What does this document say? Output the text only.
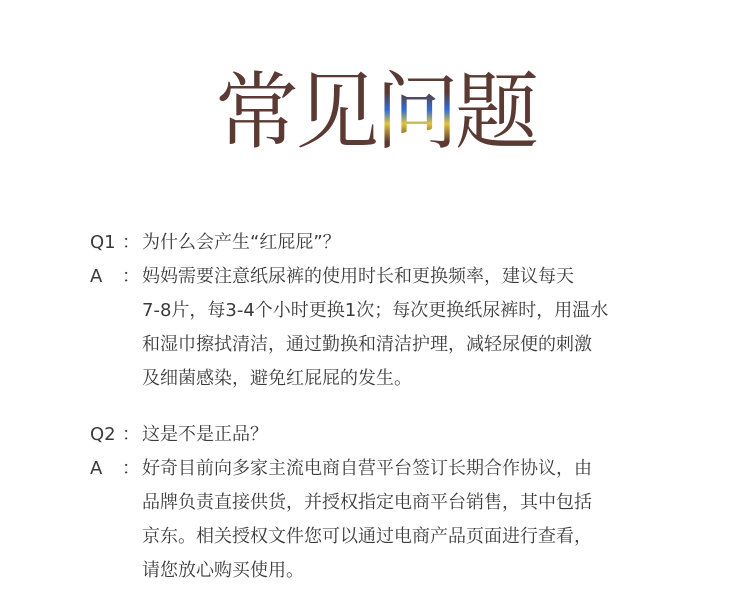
常见问题
Q1 ： 为什么会产生“红屁屁”？
A	： 妈妈需要注意纸尿裤的使用时长和更换频率，建议每天
7-8片，每3-4个小时更换1次；每次更换纸尿裤时，用温水
和湿巾擦拭清洁，通过勤换和清洁护理，减轻尿便的刺激
及细菌感染，避免红屁屁的发生。
Q2 ： 这是不是正品？
A	： 好奇目前向多家主流电商自营平台签订长期合作协议，由
品牌负责直接供货，并授权指定电商平台销售，其中包括
京东。相关授权文件您可以通过电商产品页面进行查看，
请您放心购买使用。
